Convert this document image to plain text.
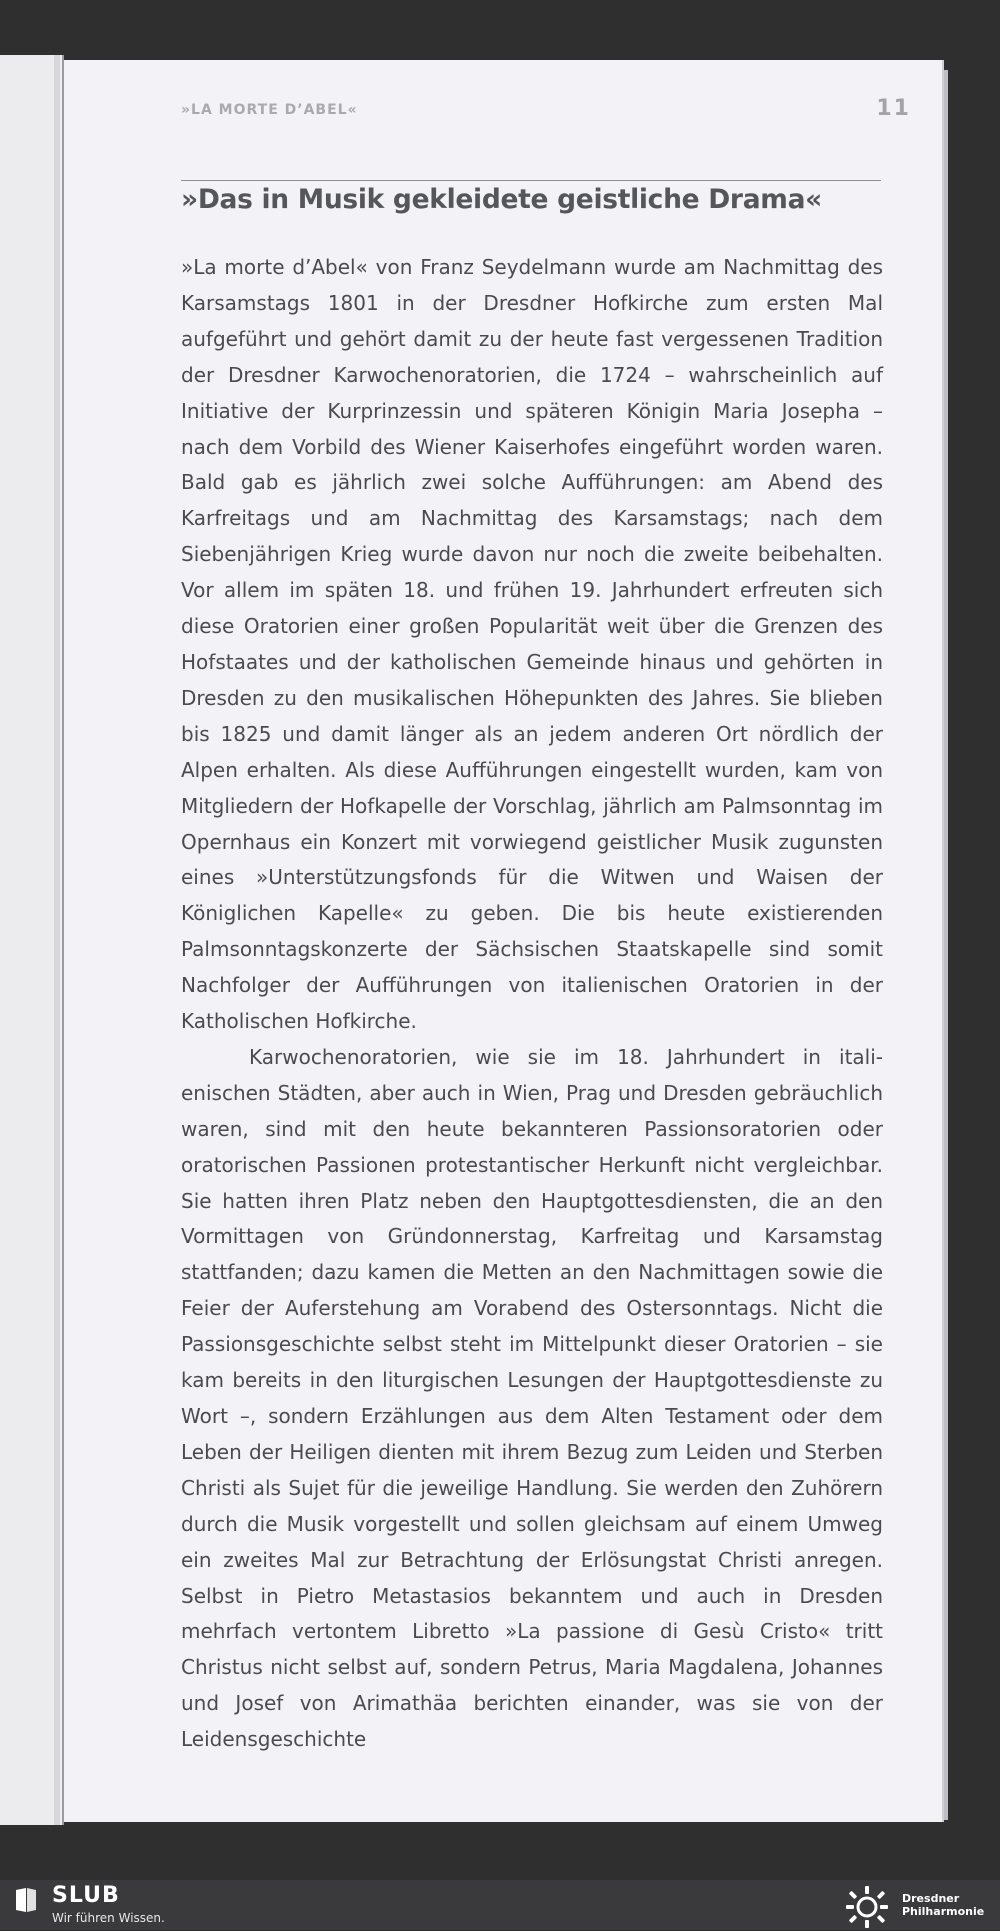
»LA MORTE D’ABEL«	11
»Das in Musik gekleidete geistliche Drama«

»La morte d’Abel« von Franz Seydelmann wurde am Nachmittag des Karsamstags 1801 in der Dresdner Hofkirche zum ersten Mal aufgeführt und gehört damit zu der heute fast vergessenen Tradition der Dresdner Karwochenoratorien, die 1724 – wahrscheinlich auf Initiative der Kurprinzessin und späteren Königin Maria Josepha – nach dem Vorbild des Wiener Kaiserhofes eingeführt worden waren. Bald gab es jährlich zwei solche Aufführungen: am Abend des Karfreitags und am Nachmittag des Karsamstags; nach dem Siebenjährigen Krieg wurde davon nur noch die zweite beibehalten. Vor allem im späten 18. und frühen 19. Jahrhundert erfreuten sich diese Oratorien einer großen Popularität weit über die Grenzen des Hofstaates und der katholischen Gemeinde hinaus und gehörten in Dresden zu den musikalischen Höhepunkten des Jahres. Sie blieben bis 1825 und damit länger als an jedem anderen Ort nördlich der Alpen erhalten. Als diese Aufführungen eingestellt wurden, kam von Mitgliedern der Hofkapelle der Vorschlag, jährlich am Palmsonntag im Opernhaus ein Konzert mit vorwiegend geistlicher Musik zugunsten eines »Unterstützungsfonds für die Witwen und Waisen der Königlichen Kapelle« zu geben. Die bis heute existierenden Palmsonntagskonzerte der Sächsischen Staatskapelle sind somit Nachfolger der Aufführungen von italienischen Oratorien in der Katholischen Hofkirche.

Karwochenoratorien, wie sie im 18. Jahrhundert in italienischen Städten, aber auch in Wien, Prag und Dresden gebräuchlich waren, sind mit den heute bekannteren Passionsoratorien oder oratorischen Passionen protestantischer Herkunft nicht vergleichbar. Sie hatten ihren Platz neben den Hauptgottesdiensten, die an den Vormittagen von Gründonnerstag, Karfreitag und Karsamstag stattfanden; dazu kamen die Metten an den Nachmittagen sowie die Feier der Auferstehung am Vorabend des Ostersonntags. Nicht die Passionsgeschichte selbst steht im Mittelpunkt dieser Oratorien – sie kam bereits in den liturgischen Lesungen der Hauptgottesdienste zu Wort –, sondern Erzählungen aus dem Alten Testament oder dem Leben der Heiligen dienten mit ihrem Bezug zum Leiden und Sterben Christi als Sujet für die jeweilige Handlung. Sie werden den Zuhörern durch die Musik vorgestellt und sollen gleichsam auf einem Umweg ein zweites Mal zur Betrachtung der Erlösungstat Christi anregen. Selbst in Pietro Metastasios bekanntem und auch in Dresden mehrfach vertontem Libretto »La passione di Gesù Cristo« tritt Christus nicht selbst auf, sondern Petrus, Maria Magdalena, Johannes und Josef von Arimathäa berichten einander, was sie von der Leidensgeschichte

SLUB
Wir führen Wissen.
Dresdner
Philharmonie
